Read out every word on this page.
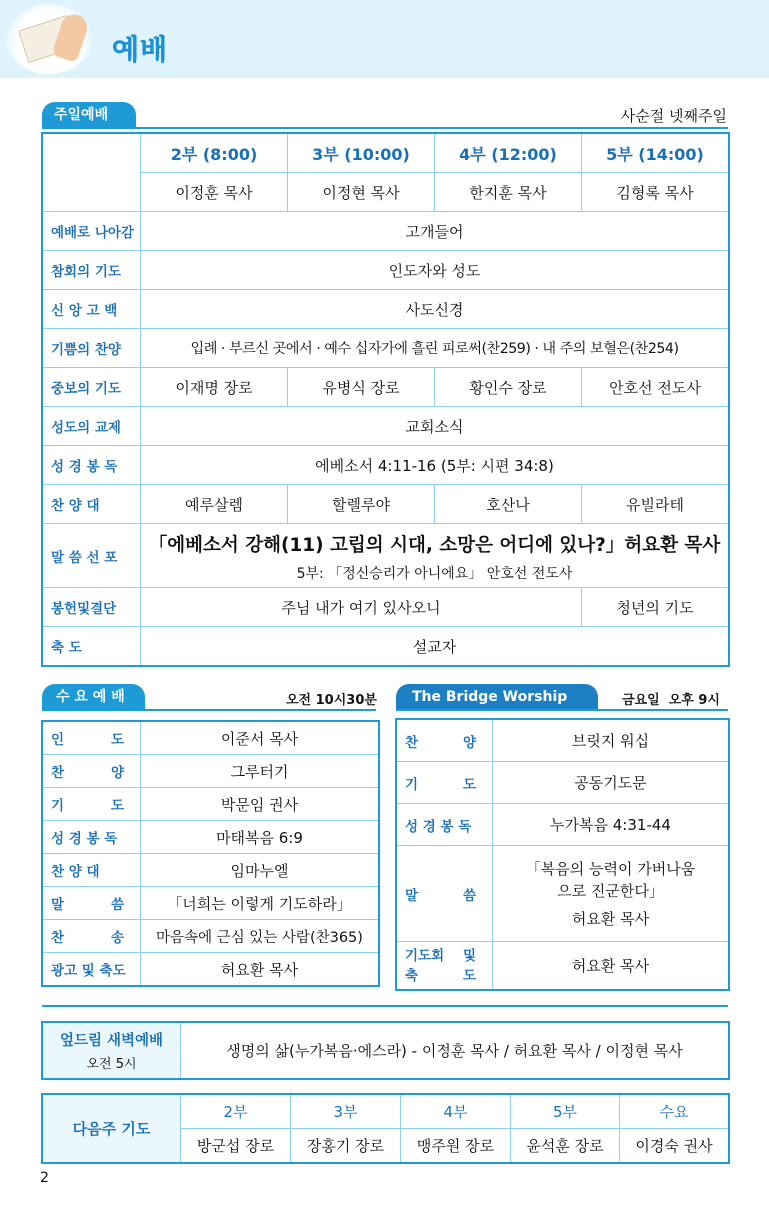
예배
주일예배	사순절 넷째주일
	2부 (8:00)	3부 (10:00)	4부 (12:00)	5부 (14:00)
	이정훈 목사	이정현 목사	한지훈 목사	김형록 목사
예배로 나아감	고개들어			
참회의 기도	인도자와 성도			
신 앙 고 백	사도신경			
기쁨의 찬양	입례 · 부르신 곳에서 · 예수 십자가에 흘린 피로써(찬259) · 내 주의 보혈은(찬254)			
중보의 기도	이재명 장로	유병식 장로	황인수 장로	안호선 전도사
성도의 교제	교회소식			
성 경 봉 독	에베소서 4:11-16 (5부: 시편 34:8)			
찬 양 대	예루살렘	할렐루야	호산나	유빌라테
말 씀 선 포	「에베소서 강해(11) 고립의 시대, 소망은 어디에 있나?」허요환 목사
5부: 「정신승리가 아니에요」 안호선 전도사			

봉헌및결단	주님 내가 여기 있사오니			청년의 기도
축 도	설교자			
수 요 예 배	오전 10시30분
인 도	이준서 목사

찬 양	그루터기

기 도	박문임 권사
성 경 봉 독	마태복음 6:9
찬 양 대	임마누엘

말 씀	「너희는 이렇게 기도하라」

찬 송	마음속에 근심 있는 사람(찬365)
광고 및 축도	허요환 목사
The Bridge Worship	금요일  오후 9시
찬 양	브릿지 워십

기 도	공동기도문
성 경 봉 독	누가복음 4:31-44

말 씀	「복음의 능력이 가버나움으로 진군한다」
허요환 목사

기도회 및
축 도	허요환 목사
엎드림 새벽예배
오전 5시
	생명의 삶(누가복음·에스라) - 이정훈 목사 / 허요환 목사 / 이정현 목사
다음주 기도	2부	3부	4부	5부	수요
	방군섭 장로	장홍기 장로	맹주원 장로	윤석훈 장로	이경숙 권사
2
